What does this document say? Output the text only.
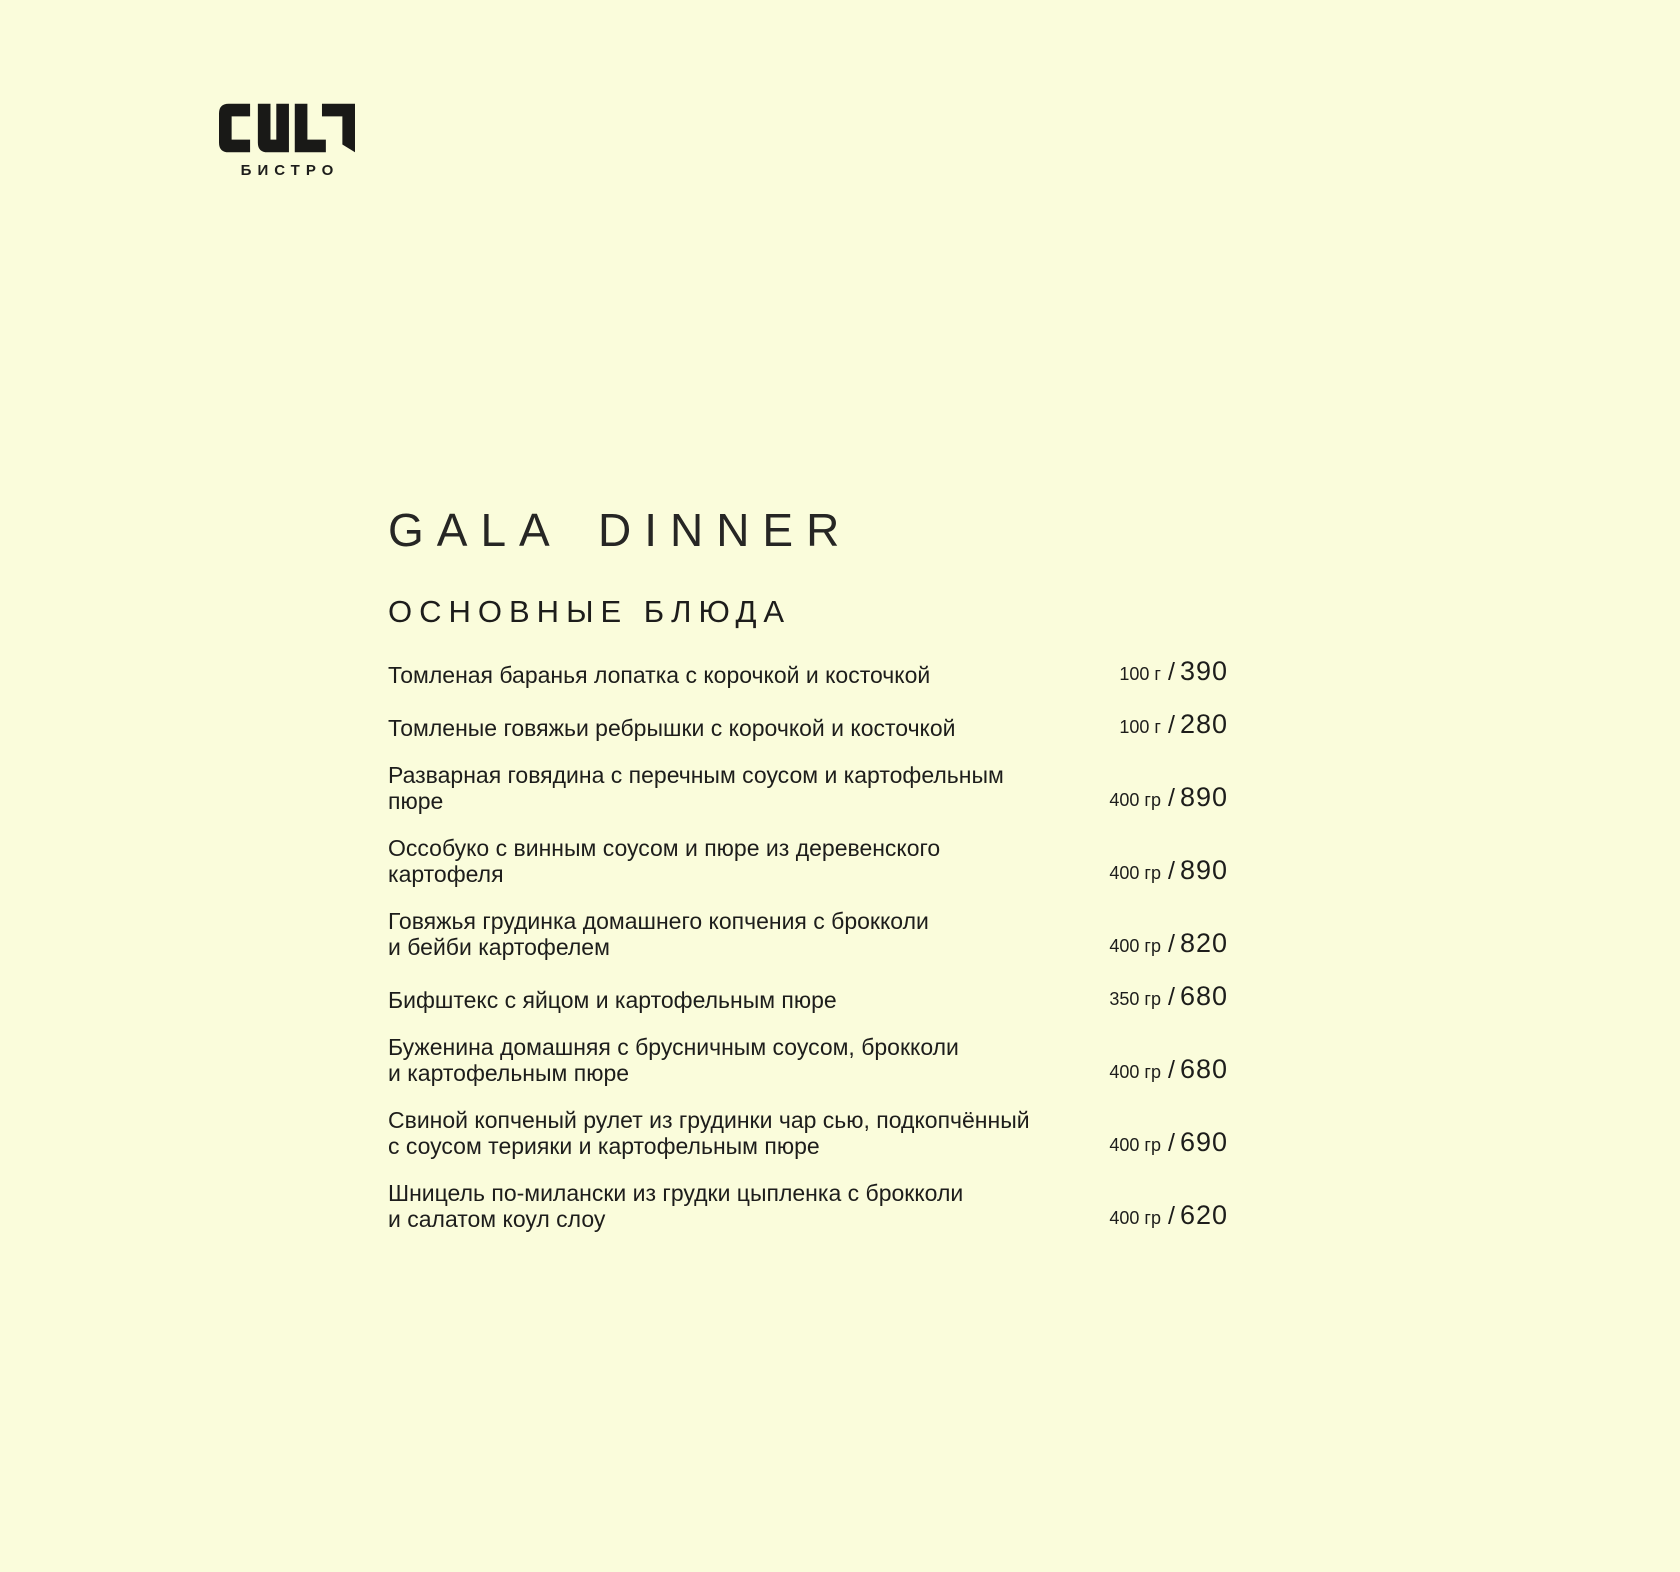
БИСТРО
GALA DINNER
ОСНОВНЫЕ БЛЮДА
Томленая баранья лопатка с корочкой и косточкой	100 г / 390
Томленые говяжьи ребрышки с корочкой и косточкой	100 г / 280
Разварная говядина с перечным соусом и картофельным пюре	400 гр / 890
Оссобуко с винным соусом и пюре из деревенского картофеля	400 гр / 890
Говяжья грудинка домашнего копчения с брокколи
и бейби картофелем	400 гр / 820
Бифштекс с яйцом и картофельным пюре	350 гр / 680
Буженина домашняя с брусничным соусом, брокколи
и картофельным пюре	400 гр / 680
Свиной копченый рулет из грудинки чар сью, подкопчённый
с соусом терияки и картофельным пюре	400 гр / 690
Шницель по-милански из грудки цыпленка с брокколи
и салатом коул слоу	400 гр / 620
